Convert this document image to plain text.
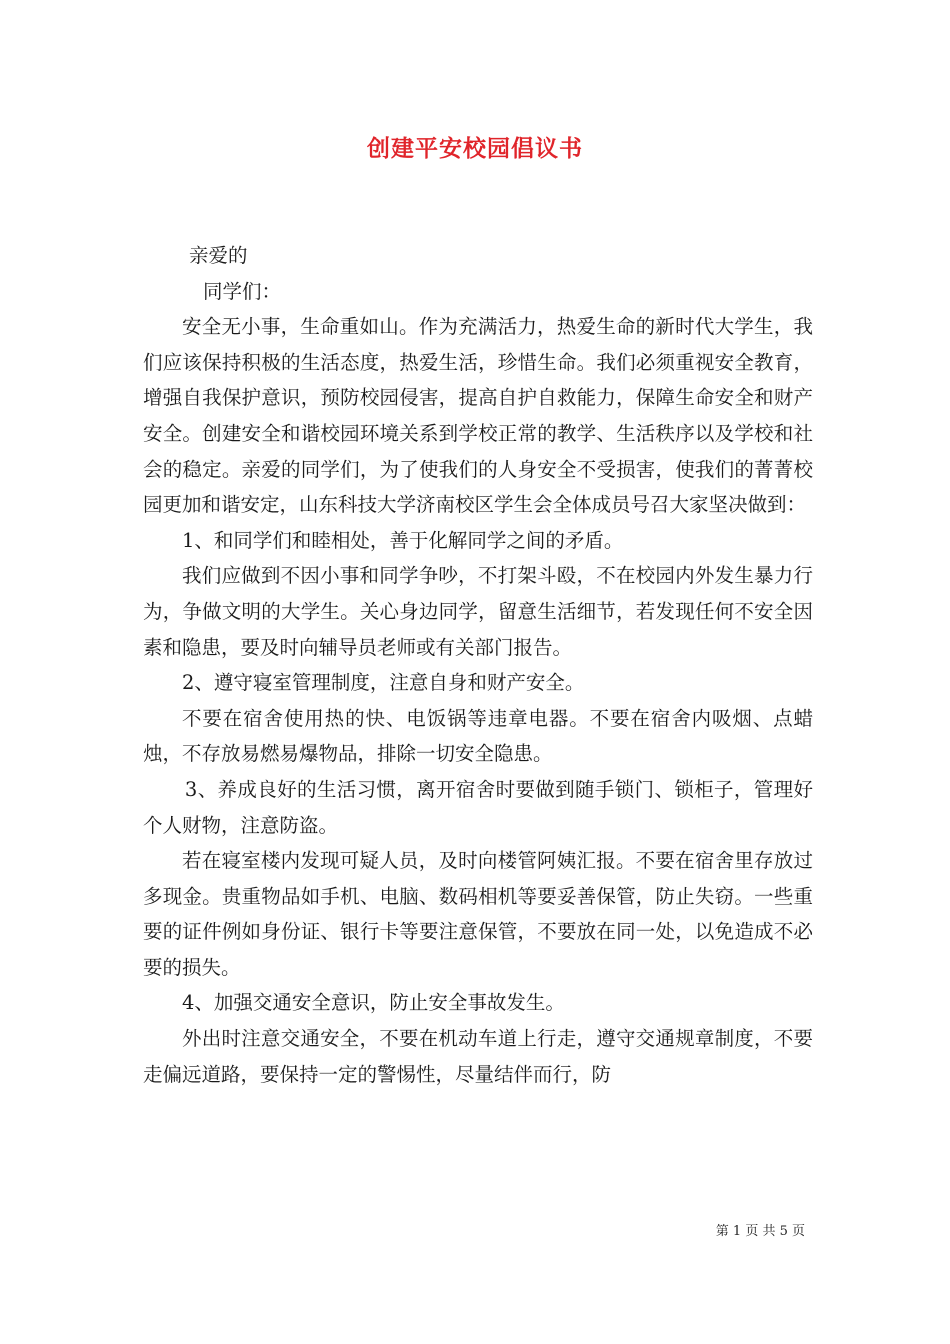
创建平安校园倡议书

亲爱的

同学们：

安全无小事，生命重如山。作为充满活力，热爱生命的新时代大学生，我们应该保持积极的生活态度，热爱生活，珍惜生命。我们必须重视安全教育，增强自我保护意识，预防校园侵害，提高自护自救能力，保障生命安全和财产安全。创建安全和谐校园环境关系到学校正常的教学、生活秩序以及学校和社会的稳定。亲爱的同学们，为了使我们的人身安全不受损害，使我们的菁菁校园更加和谐安定，山东科技大学济南校区学生会全体成员号召大家坚决做到：

1、和同学们和睦相处，善于化解同学之间的矛盾。

我们应做到不因小事和同学争吵，不打架斗殴，不在校园内外发生暴力行为，争做文明的大学生。关心身边同学，留意生活细节，若发现任何不安全因素和隐患，要及时向辅导员老师或有关部门报告。

2、遵守寝室管理制度，注意自身和财产安全。

不要在宿舍使用热的快、电饭锅等违章电器。不要在宿舍内吸烟、点蜡烛，不存放易燃易爆物品，排除一切安全隐患。

3、养成良好的生活习惯，离开宿舍时要做到随手锁门、锁柜子，管理好个人财物，注意防盗。

若在寝室楼内发现可疑人员，及时向楼管阿姨汇报。不要在宿舍里存放过多现金。贵重物品如手机、电脑、数码相机等要妥善保管，防止失窃。一些重要的证件例如身份证、银行卡等要注意保管，不要放在同一处，以免造成不必要的损失。

4、加强交通安全意识，防止安全事故发生。

外出时注意交通安全，不要在机动车道上行走，遵守交通规章制度，不要走偏远道路，要保持一定的警惕性，尽量结伴而行，防

第 1 页 共 5 页
